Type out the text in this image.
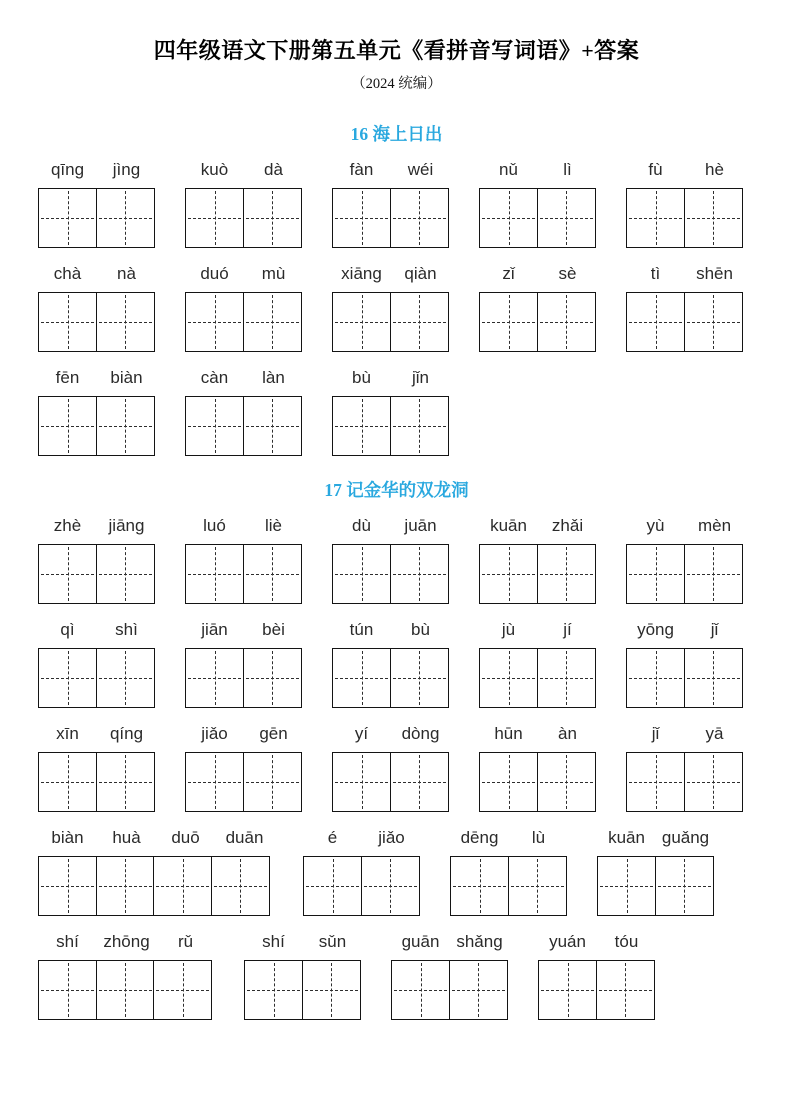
四年级语文下册第五单元《看拼音写词语》+答案
（2024 统编）
16 海上日出
qīng	jìng	kuò	dà	fàn	wéi	nǔ	lì	fù	hè
chà	nà	duó	mù	xiāng	qiàn	zǐ	sè	tì	shēn
fēn	biàn	càn	làn	bù	jǐn
17 记金华的双龙洞
zhè	jiāng	luó	liè	dù	juān	kuān	zhǎi	yù	mèn
qì	shì	jiān	bèi	tún	bù	jù	jí	yōng	jǐ
xīn	qíng	jiǎo	gēn	yí	dòng	hūn	àn	jǐ	yā
biàn	huà	duō	duān	é	jiǎo	dēng	lù	kuān guǎng
shí	zhōng	rǔ	shí	sǔn	guān shǎng	yuán	tóu
